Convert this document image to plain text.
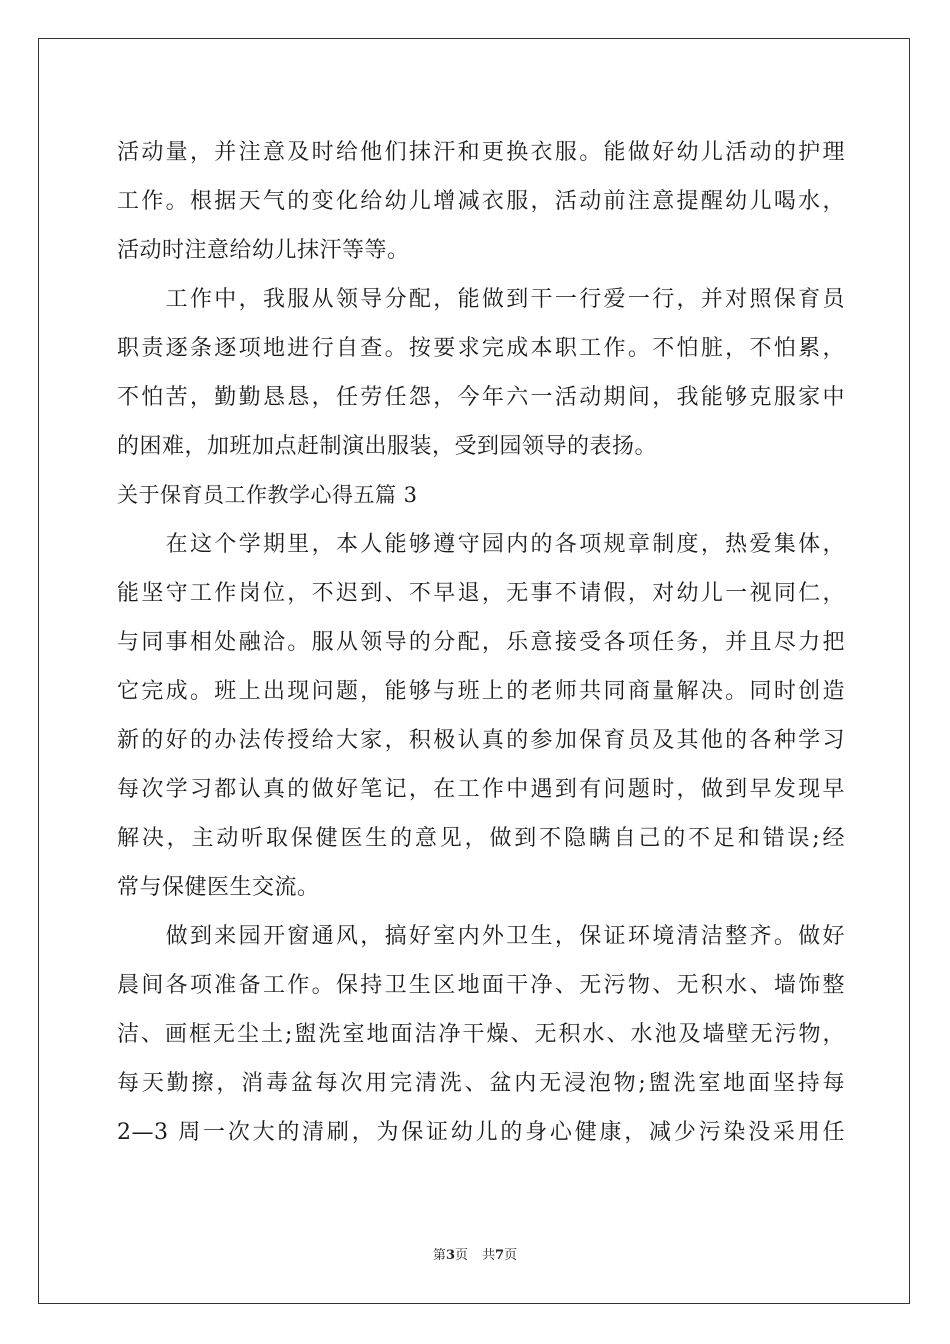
活动量，并注意及时给他们抹汗和更换衣服。能做好幼儿活动的护理
工作。根据天气的变化给幼儿增减衣服，活动前注意提醒幼儿喝水，
活动时注意给幼儿抹汗等等。
　　工作中，我服从领导分配，能做到干一行爱一行，并对照保育员
职责逐条逐项地进行自查。按要求完成本职工作。不怕脏，不怕累，
不怕苦，勤勤恳恳，任劳任怨，今年六一活动期间，我能够克服家中
的困难，加班加点赶制演出服装，受到园领导的表扬。
关于保育员工作教学心得五篇 3
　　在这个学期里，本人能够遵守园内的各项规章制度，热爱集体，
能坚守工作岗位，不迟到、不早退，无事不请假，对幼儿一视同仁，
与同事相处融洽。服从领导的分配，乐意接受各项任务，并且尽力把
它完成。班上出现问题，能够与班上的老师共同商量解决。同时创造
新的好的办法传授给大家，积极认真的参加保育员及其他的各种学习
每次学习都认真的做好笔记，在工作中遇到有问题时，做到早发现早
解决，主动听取保健医生的意见，做到不隐瞒自己的不足和错误;经
常与保健医生交流。
　　做到来园开窗通风，搞好室内外卫生，保证环境清洁整齐。做好
晨间各项准备工作。保持卫生区地面干净、无污物、无积水、墙饰整
洁、画框无尘土;盥洗室地面洁净干燥、无积水、水池及墙壁无污物，
每天勤擦，消毒盆每次用完清洗、盆内无浸泡物;盥洗室地面坚持每
2—3 周一次大的清刷，为保证幼儿的身心健康，减少污染没采用任
第3页 共7页
